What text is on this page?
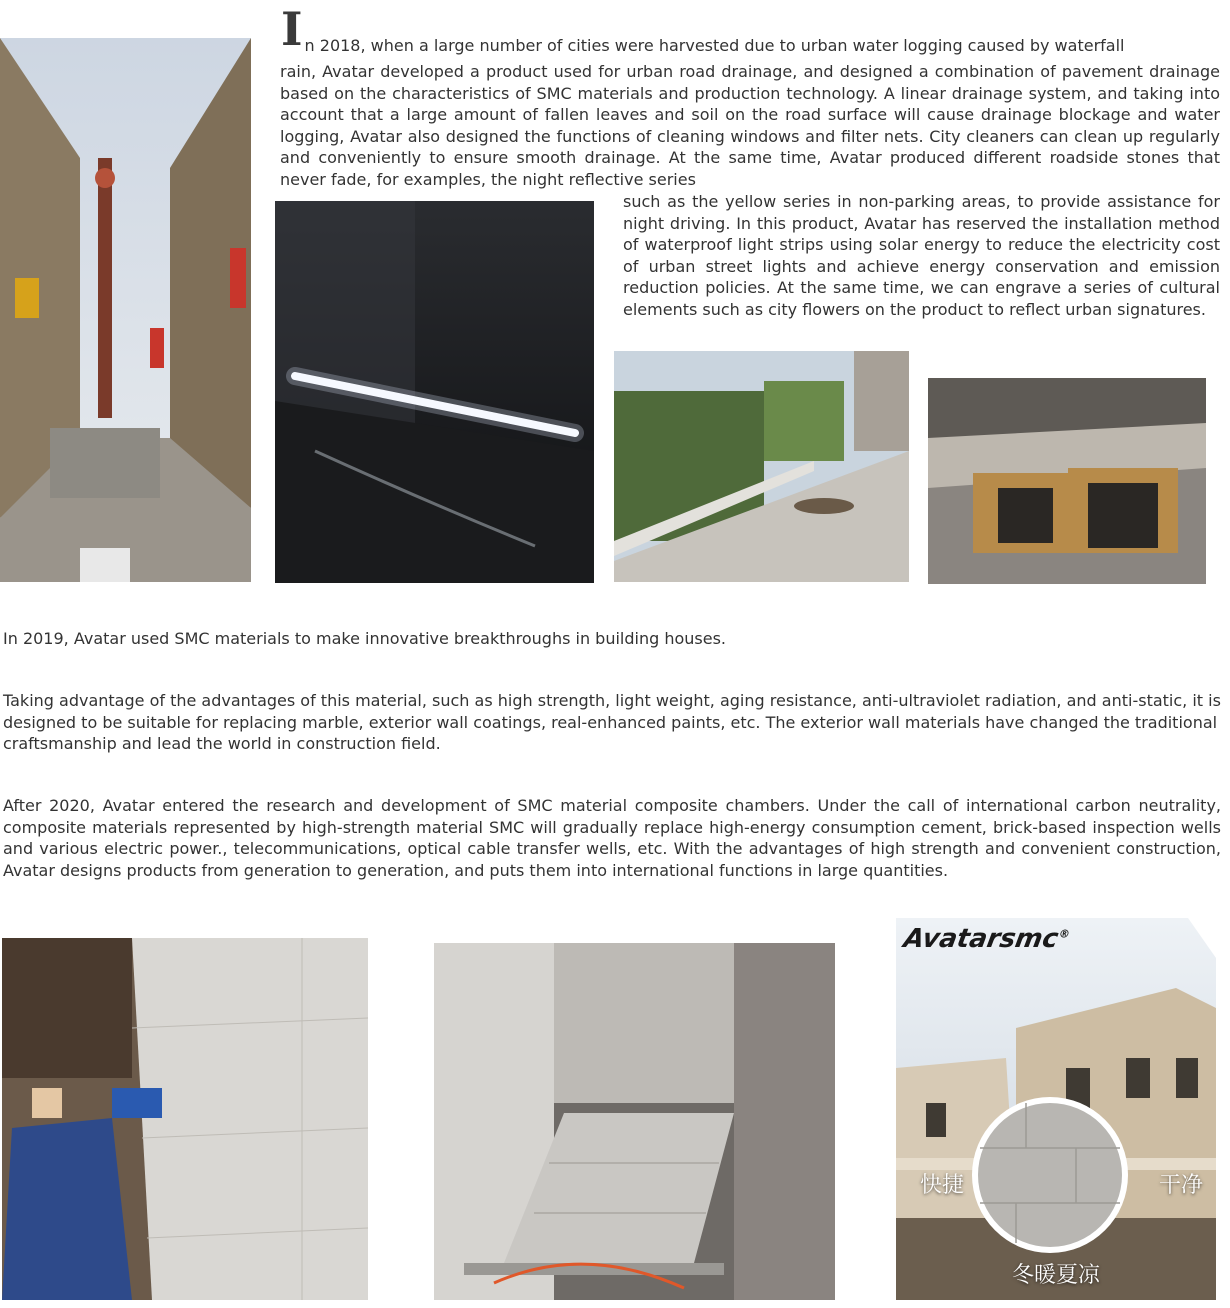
I n 2018, when a large number of cities were harvested due to urban water logging caused by waterfall

rain, Avatar developed a product used for urban road drainage, and designed a combination of pavement drainage based on the characteristics of SMC materials and production technology. A linear drainage system, and taking into account that a large amount of fallen leaves and soil on the road surface will cause drainage blockage and water logging, Avatar also designed the functions of cleaning windows and filter nets. City cleaners can clean up regularly and conveniently to ensure smooth drainage. At the same time, Avatar produced different roadside stones that never fade, for examples, the night reflective series

such as the yellow series in non-parking areas, to provide assistance for night driving. In this product, Avatar has reserved the installation method of waterproof light strips using solar energy to reduce the electricity cost of urban street lights and achieve energy conservation and emission reduction policies. At the same time, we can engrave a series of cultural elements such as city flowers on the product to reflect urban signatures.

In 2019, Avatar used SMC materials to make innovative breakthroughs in building houses.

Taking advantage of the advantages of this material, such as high strength, light weight, aging resistance, anti-ultraviolet radiation, and anti-static, it is designed to be suitable for replacing marble, exterior wall coatings, real-enhanced paints, etc. The exterior wall materials have changed the traditional craftsmanship and lead the world in construction field.

After 2020, Avatar entered the research and development of SMC material composite chambers. Under the call of international carbon neutrality, composite materials represented by high-strength material SMC will gradually replace high-energy consumption cement, brick-based inspection wells and various electric power., telecommunications, optical cable transfer wells, etc. With the advantages of high strength and convenient construction, Avatar designs products from generation to generation, and puts them into international functions in large quantities.

Avatarsmc®
快捷	干净
冬暖夏凉
